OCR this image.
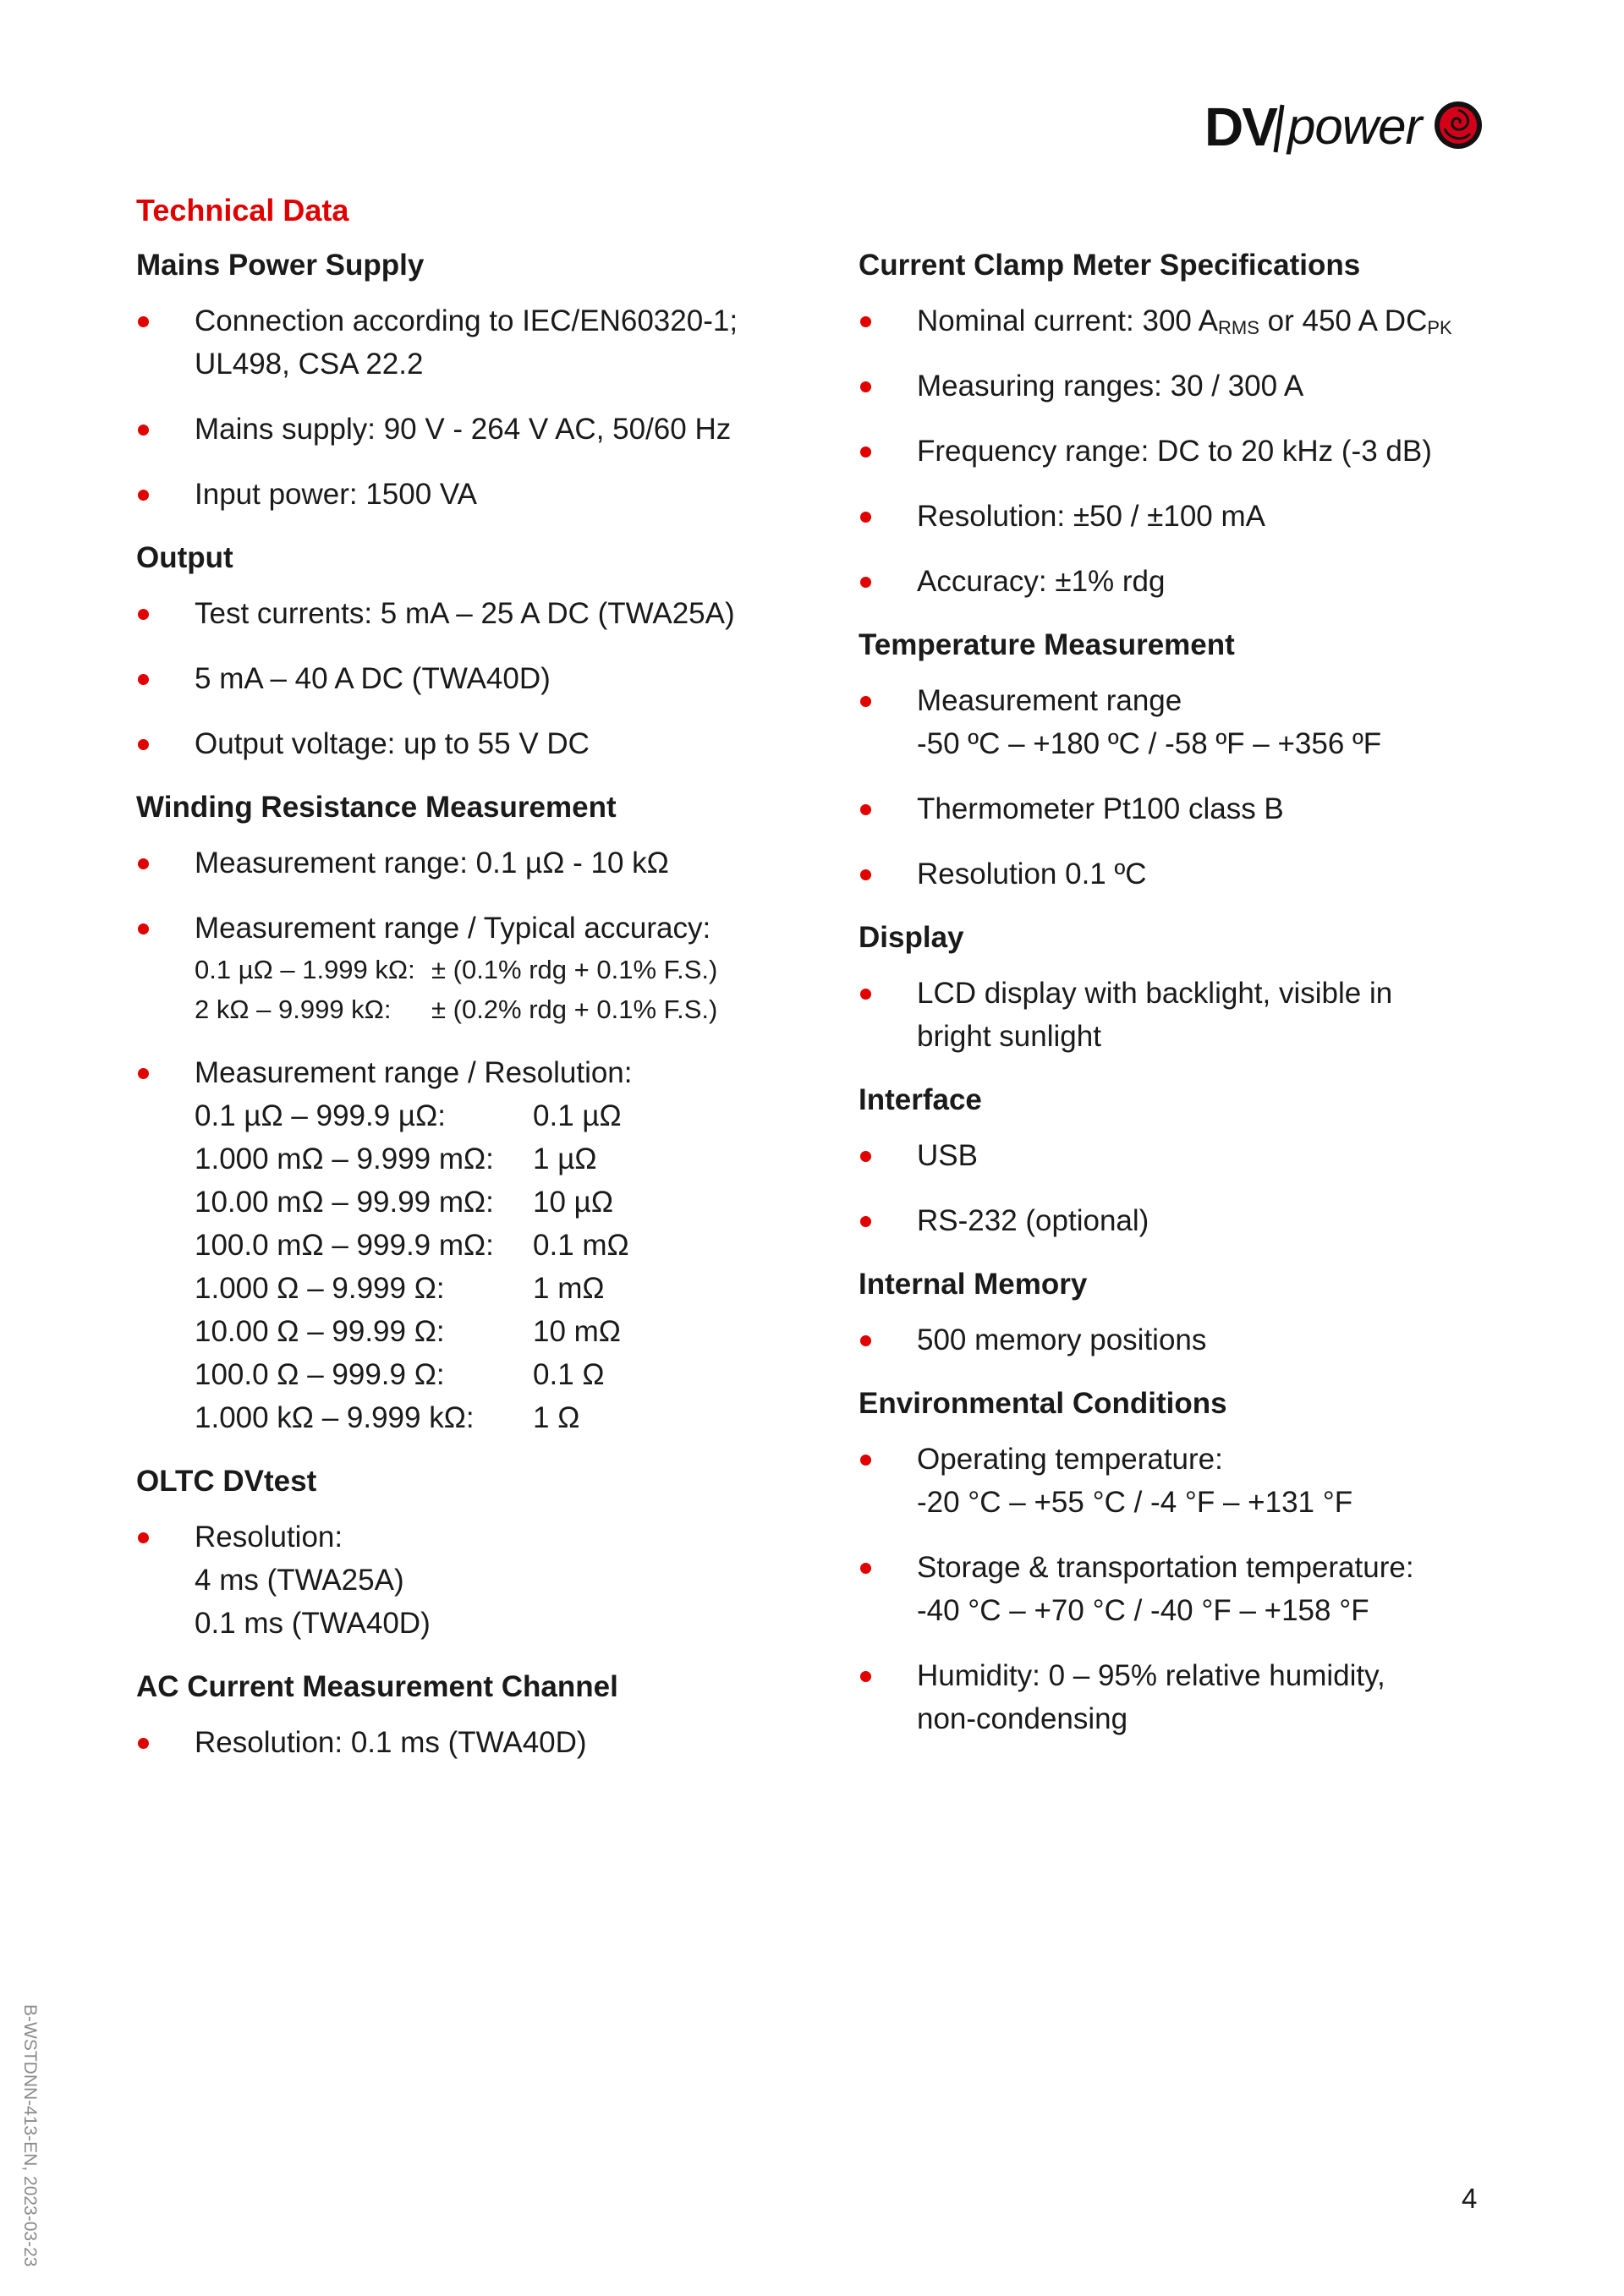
DV power
Technical Data
Mains Power Supply
Connection according to IEC/EN60320-1;
UL498, CSA 22.2
Mains supply: 90 V - 264 V AC, 50/60 Hz
Input power: 1500 VA
Output
Test currents: 5 mA – 25 A DC (TWA25A)
5 mA – 40 A DC (TWA40D)
Output voltage: up to 55 V DC
Winding Resistance Measurement
Measurement range: 0.1 µΩ - 10 kΩ
Measurement range / Typical accuracy:
0.1 µΩ – 1.999 kΩ: ± (0.1% rdg + 0.1% F.S.)
2 kΩ – 9.999 kΩ: ± (0.2% rdg + 0.1% F.S.)
Measurement range / Resolution:
0.1 µΩ – 999.9 µΩ:	0.1 µΩ
1.000 mΩ – 9.999 mΩ: 1 µΩ
10.00 mΩ – 99.99 mΩ: 10 µΩ
100.0 mΩ – 999.9 mΩ: 0.1 mΩ
1.000 Ω – 9.999 Ω:	1 mΩ
10.00 Ω – 99.99 Ω:	10 mΩ
100.0 Ω – 999.9 Ω:	0.1 Ω
1.000 kΩ – 9.999 kΩ: 1 Ω
OLTC DVtest
Resolution:
4 ms (TWA25A)
0.1 ms (TWA40D)
AC Current Measurement Channel
Resolution: 0.1 ms (TWA40D)
Current Clamp Meter Specifications
Nominal current: 300 $A_{RMS}$ or 450 A $DC_{PK}$
Measuring ranges: 30 / 300 A
Frequency range: DC to 20 kHz (-3 dB)
Resolution: ±50 / ±100 mA
Accuracy: ±1% rdg
Temperature Measurement
Measurement range
-50 ºC – +180 ºC / -58 ºF – +356 ºF
Thermometer Pt100 class B
Resolution 0.1 ºC
Display
LCD display with backlight, visible in
bright sunlight
Interface
USB
RS-232 (optional)
Internal Memory
500 memory positions
Environmental Conditions
Operating temperature:
-20 °C – +55 °C / -4 °F – +131 °F
Storage & transportation temperature:
-40 °C – +70 °C / -40 °F – +158 °F
Humidity: 0 – 95% relative humidity,
non-condensing
B-WSTDNN-413-EN, 2023-03-23	4
